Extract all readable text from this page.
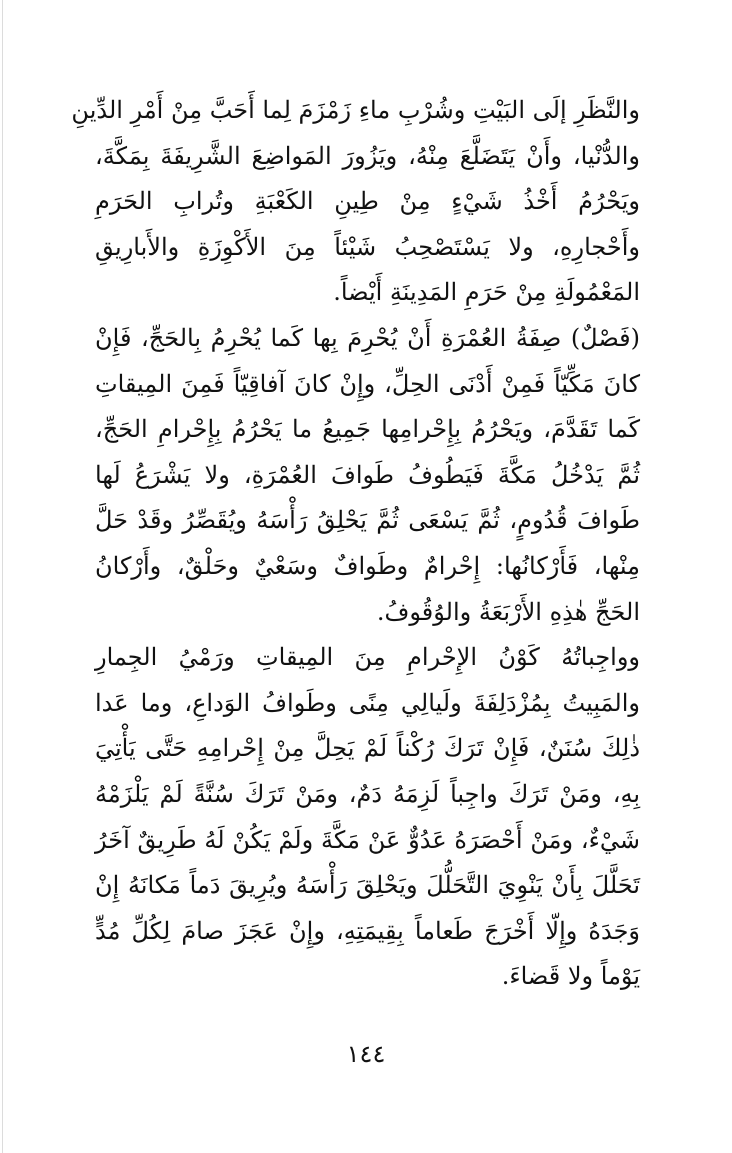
والنَّظَرِ إلَى البَيْتِ وشُرْبِ ماءِ زَمْزَمَ لِما أَحَبَّ مِنْ أَمْرِ الدِّينِ
والدُّنْيا، وأَنْ يَتَضَلَّعَ مِنْهُ، ويَزُورَ المَواضِعَ الشَّرِيفَةَ بِمَكَّةَ،
ويَحْرُمُ أَخْذُ شَيْءٍ مِنْ طِينِ الكَعْبَةِ وتُرابِ الحَرَمِ
وأَحْجارِهِ، ولا يَسْتَصْحِبُ شَيْئاً مِنَ الأَكْوِزَةِ والأَبارِيقِ
المَعْمُولَةِ مِنْ حَرَمِ المَدِينَةِ أَيْضاً.
(فَصْلٌ) صِفَةُ العُمْرَةِ أَنْ يُحْرِمَ بِها كَما يُحْرِمُ بِالحَجِّ، فَإِنْ
كانَ مَكِّيّاً فَمِنْ أَدْنَى الحِلِّ، وإِنْ كانَ آفاقِيّاً فَمِنَ المِيقاتِ
كَما تَقَدَّمَ، ويَحْرُمُ بِإِحْرامِها جَمِيعُ ما يَحْرُمُ بِإِحْرامِ الحَجِّ،
ثُمَّ يَدْخُلُ مَكَّةَ فَيَطُوفُ طَوافَ العُمْرَةِ، ولا يَشْرَعُ لَها
طَوافَ قُدُومٍ، ثُمَّ يَسْعَى ثُمَّ يَحْلِقُ رَأْسَهُ ويُقَصِّرُ وقَدْ حَلَّ
مِنْها، فَأَرْكانُها: إِحْرامٌ وطَوافٌ وسَعْيٌ وحَلْقٌ، وأَرْكانُ
الحَجِّ هٰذِهِ الأَرْبَعَةُ والوُقُوفُ.
وواجِباتُهُ كَوْنُ الإِحْرامِ مِنَ المِيقاتِ ورَمْيُ الجِمارِ
والمَبِيتُ بِمُزْدَلِفَةَ ولَيالِي مِنًى وطَوافُ الوَداعِ، وما عَدا
ذٰلِكَ سُنَنٌ، فَإِنْ تَرَكَ رُكْناً لَمْ يَحِلَّ مِنْ إِحْرامِهِ حَتَّى يَأْتِيَ
بِهِ، ومَنْ تَرَكَ واجِباً لَزِمَهُ دَمٌ، ومَنْ تَرَكَ سُنَّةً لَمْ يَلْزَمْهُ
شَيْءٌ، ومَنْ أَحْصَرَهُ عَدُوٌّ عَنْ مَكَّةَ ولَمْ يَكُنْ لَهُ طَرِيقٌ آخَرُ
تَحَلَّلَ بِأَنْ يَنْوِيَ التَّحَلُّلَ ويَحْلِقَ رَأْسَهُ ويُرِيقَ دَماً مَكانَهُ إِنْ
وَجَدَهُ وإِلّا أَخْرَجَ طَعاماً بِقِيمَتِهِ، وإِنْ عَجَزَ صامَ لِكُلِّ مُدٍّ
يَوْماً ولا قَضاءَ.
١٤٤
